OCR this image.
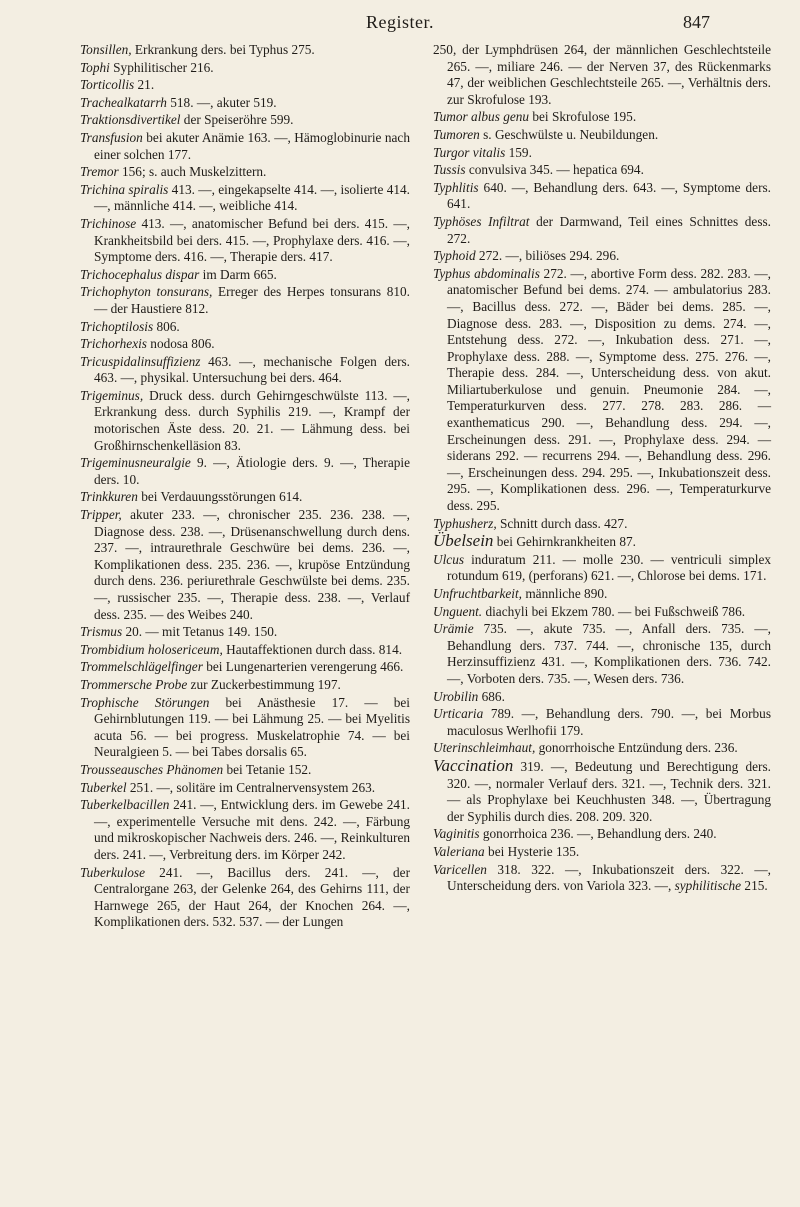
Register.	847
Tonsillen, Erkrankung ders. bei Typhus 275.
Tophi Syphilitischer 216.
Torticollis 21.
Trachealkatarrh 518. —, akuter 519.
Traktionsdivertikel der Speiseröhre 599.
Transfusion bei akuter Anämie 163. —, Hämoglobinurie nach einer solchen 177.
Tremor 156; s. auch Muskelzittern.
Trichina spiralis 413. —, eingekapselte 414. —, isolierte 414. —, männliche 414. —, weibliche 414.
Trichinose 413. —, anatomischer Befund bei ders. 415. —, Krankheitsbild bei ders. 415. —, Prophylaxe ders. 416. —, Symptome ders. 416. —, Therapie ders. 417.
Trichocephalus dispar im Darm 665.
Trichophyton tonsurans, Erreger des Herpes tonsurans 810. — der Haustiere 812.
Trichoptilosis 806.
Trichorhexis nodosa 806.
Tricuspidalinsuffizienz 463. —, mechanische Folgen ders. 463. —, physikal. Untersuchung bei ders. 464.
Trigeminus, Druck dess. durch Gehirngeschwülste 113. —, Erkrankung dess. durch Syphilis 219. —, Krampf der motorischen Äste dess. 20. 21. — Lähmung dess. bei Großhirnschenkelläsion 83.
Trigeminusneuralgie 9. —, Ätiologie ders. 9. —, Therapie ders. 10.
Trinkkuren bei Verdauungsstörungen 614.
Tripper, akuter 233. —, chronischer 235. 236. 238. —, Diagnose dess. 238. —, Drüsenanschwellung durch dens. 237. —, intraurethrale Geschwüre bei dems. 236. —, Komplikationen dess. 235. 236. —, krupöse Entzündung durch dens. 236. periurethrale Geschwülste bei dems. 235. —, russischer 235. —, Therapie dess. 238. —, Verlauf dess. 235. — des Weibes 240.
Trismus 20. — mit Tetanus 149. 150.
Trombidium holosericeum, Hautaffektionen durch dass. 814.
Trommelschlägelfinger bei Lungenarterien verengerung 466.
Trommersche Probe zur Zuckerbestimmung 197.
Trophische Störungen bei Anästhesie 17. — bei Gehirnblutungen 119. — bei Lähmung 25. — bei Myelitis acuta 56. — bei progress. Muskelatrophie 74. — bei Neuralgieen 5. — bei Tabes dorsalis 65.
Trousseausches Phänomen bei Tetanie 152.
Tuberkel 251. —, solitäre im Centralnervensystem 263.
Tuberkelbacillen 241. —, Entwicklung ders. im Gewebe 241. —, experimentelle Versuche mit dens. 242. —, Färbung und mikroskopischer Nachweis ders. 246. —, Reinkulturen ders. 241. —, Verbreitung ders. im Körper 242.
Tuberkulose 241. —, Bacillus ders. 241. —, der Centralorgane 263, der Gelenke 264, des Gehirns 111, der Harnwege 265, der Haut 264, der Knochen 264. —, Komplikationen ders. 532. 537. — der Lungen
250, der Lymphdrüsen 264, der männlichen Geschlechtsteile 265. —, miliare 246. — der Nerven 37, des Rückenmarks 47, der weiblichen Geschlechtsteile 265. —, Verhältnis ders. zur Skrofulose 193.
Tumor albus genu bei Skrofulose 195.
Tumoren s. Geschwülste u. Neubildungen.
Turgor vitalis 159.
Tussis convulsiva 345. — hepatica 694.
Typhlitis 640. —, Behandlung ders. 643. —, Symptome ders. 641.
Typhöses Infiltrat der Darmwand, Teil eines Schnittes dess. 272.
Typhoid 272. —, biliöses 294. 296.
Typhus abdominalis 272. —, abortive Form dess. 282. 283. —, anatomischer Befund bei dems. 274. — ambulatorius 283. —, Bacillus dess. 272. —, Bäder bei dems. 285. —, Diagnose dess. 283. —, Disposition zu dems. 274. —, Entstehung dess. 272. —, Inkubation dess. 271. —, Prophylaxe dess. 288. —, Symptome dess. 275. 276. —, Therapie dess. 284. —, Unterscheidung dess. von akut. Miliartuberkulose und genuin. Pneumonie 284. —, Temperaturkurven dess. 277. 278. 283. 286. — exanthematicus 290. —, Behandlung dess. 294. —, Erscheinungen dess. 291. —, Prophylaxe dess. 294. — siderans 292. — recurrens 294. —, Behandlung dess. 296. —, Erscheinungen dess. 294. 295. —, Inkubationszeit dess. 295. —, Komplikationen dess. 296. —, Temperaturkurve dess. 295.
Typhusherz, Schnitt durch dass. 427.
Übelsein bei Gehirnkrankheiten 87.
Ulcus induratum 211. — molle 230. — ventriculi simplex rotundum 619, (perforans) 621. —, Chlorose bei dems. 171.
Unfruchtbarkeit, männliche 890.
Unguent. diachyli bei Ekzem 780. — bei Fußschweiß 786.
Urämie 735. —, akute 735. —, Anfall ders. 735. —, Behandlung ders. 737. 744. —, chronische 135, durch Herzinsuffizienz 431. —, Komplikationen ders. 736. 742. —, Vorboten ders. 735. —, Wesen ders. 736.
Urobilin 686.
Urticaria 789. —, Behandlung ders. 790. —, bei Morbus maculosus Werlhofii 179.
Uterinschleimhaut, gonorrhoische Entzündung ders. 236.
Vaccination 319. —, Bedeutung und Berechtigung ders. 320. —, normaler Verlauf ders. 321. —, Technik ders. 321. — als Prophylaxe bei Keuchhusten 348. —, Übertragung der Syphilis durch dies. 208. 209. 320.
Vaginitis gonorrhoica 236. —, Behandlung ders. 240.
Valeriana bei Hysterie 135.
Varicellen 318. 322. —, Inkubationszeit ders. 322. —, Unterscheidung ders. von Variola 323. —, syphilitische 215.
